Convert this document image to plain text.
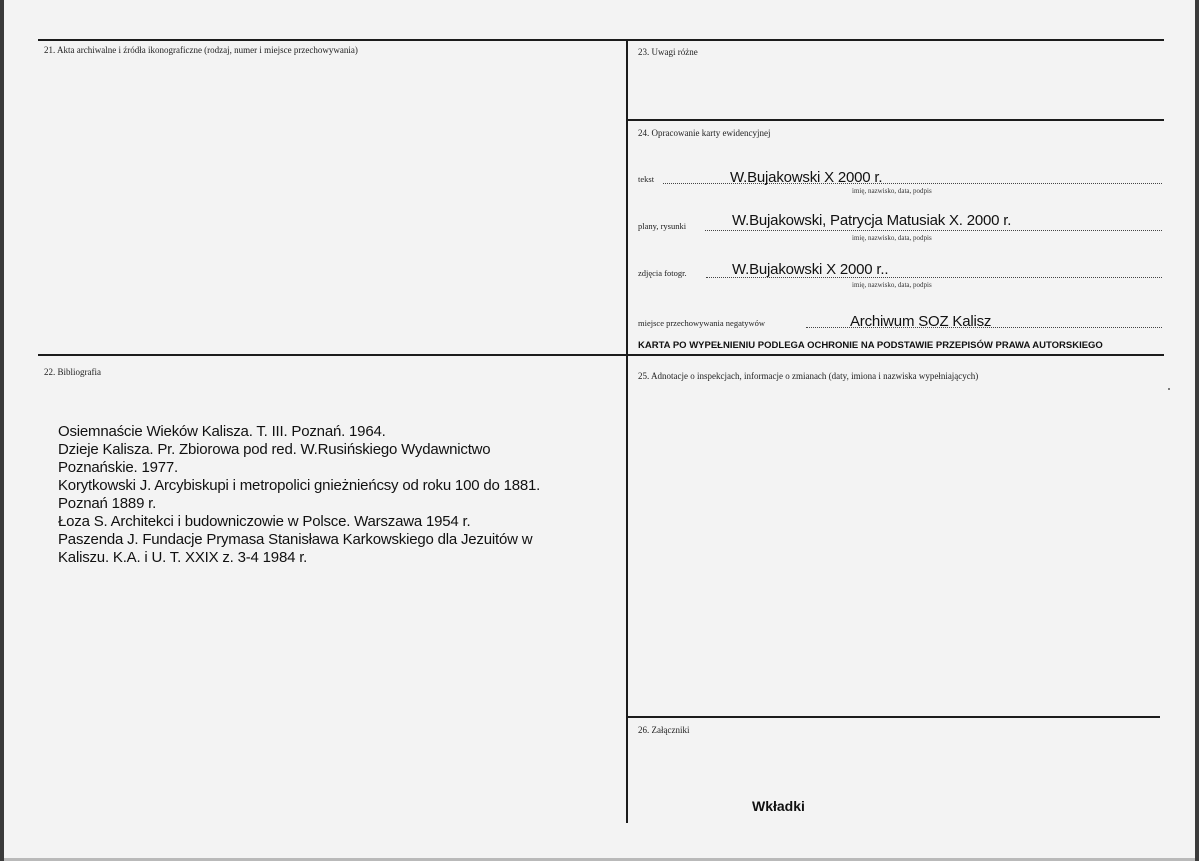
21. Akta archiwalne i źródła ikonograficzne (rodzaj, numer i miejsce przechowywania)	23. Uwagi różne
24. Opracowanie karty ewidencyjnej
tekst	W.Bujakowski X 2000 r.
imię, nazwisko, data, podpis
plany, rysunki	W.Bujakowski, Patrycja Matusiak X. 2000 r.
imię, nazwisko, data, podpis
zdjęcia fotogr.	W.Bujakowski X 2000 r..
imię, nazwisko, data, podpis
miejsce przechowywania negatywów	Archiwum SOZ Kalisz
KARTA PO WYPEŁNIENIU PODLEGA OCHRONIE NA PODSTAWIE PRZEPISÓW PRAWA AUTORSKIEGO
22. Bibliografia
Osiemnaście Wieków Kalisza. T. III. Poznań. 1964.
Dzieje Kalisza. Pr. Zbiorowa pod red. W.Rusińskiego Wydawnictwo
Poznańskie. 1977.
Korytkowski J. Arcybiskupi i metropolici gnieżnieńcsy od roku 100 do 1881.
Poznań 1889 r.
Łoza S. Architekci i budowniczowie w Polsce. Warszawa 1954 r.
Paszenda J. Fundacje Prymasa Stanisława Karkowskiego dla Jezuitów w
Kaliszu. K.A. i U. T. XXIX z. 3-4 1984 r.
25. Adnotacje o inspekcjach, informacje o zmianach (daty, imiona i nazwiska wypełniających)
26. Załączniki
Wkładki
